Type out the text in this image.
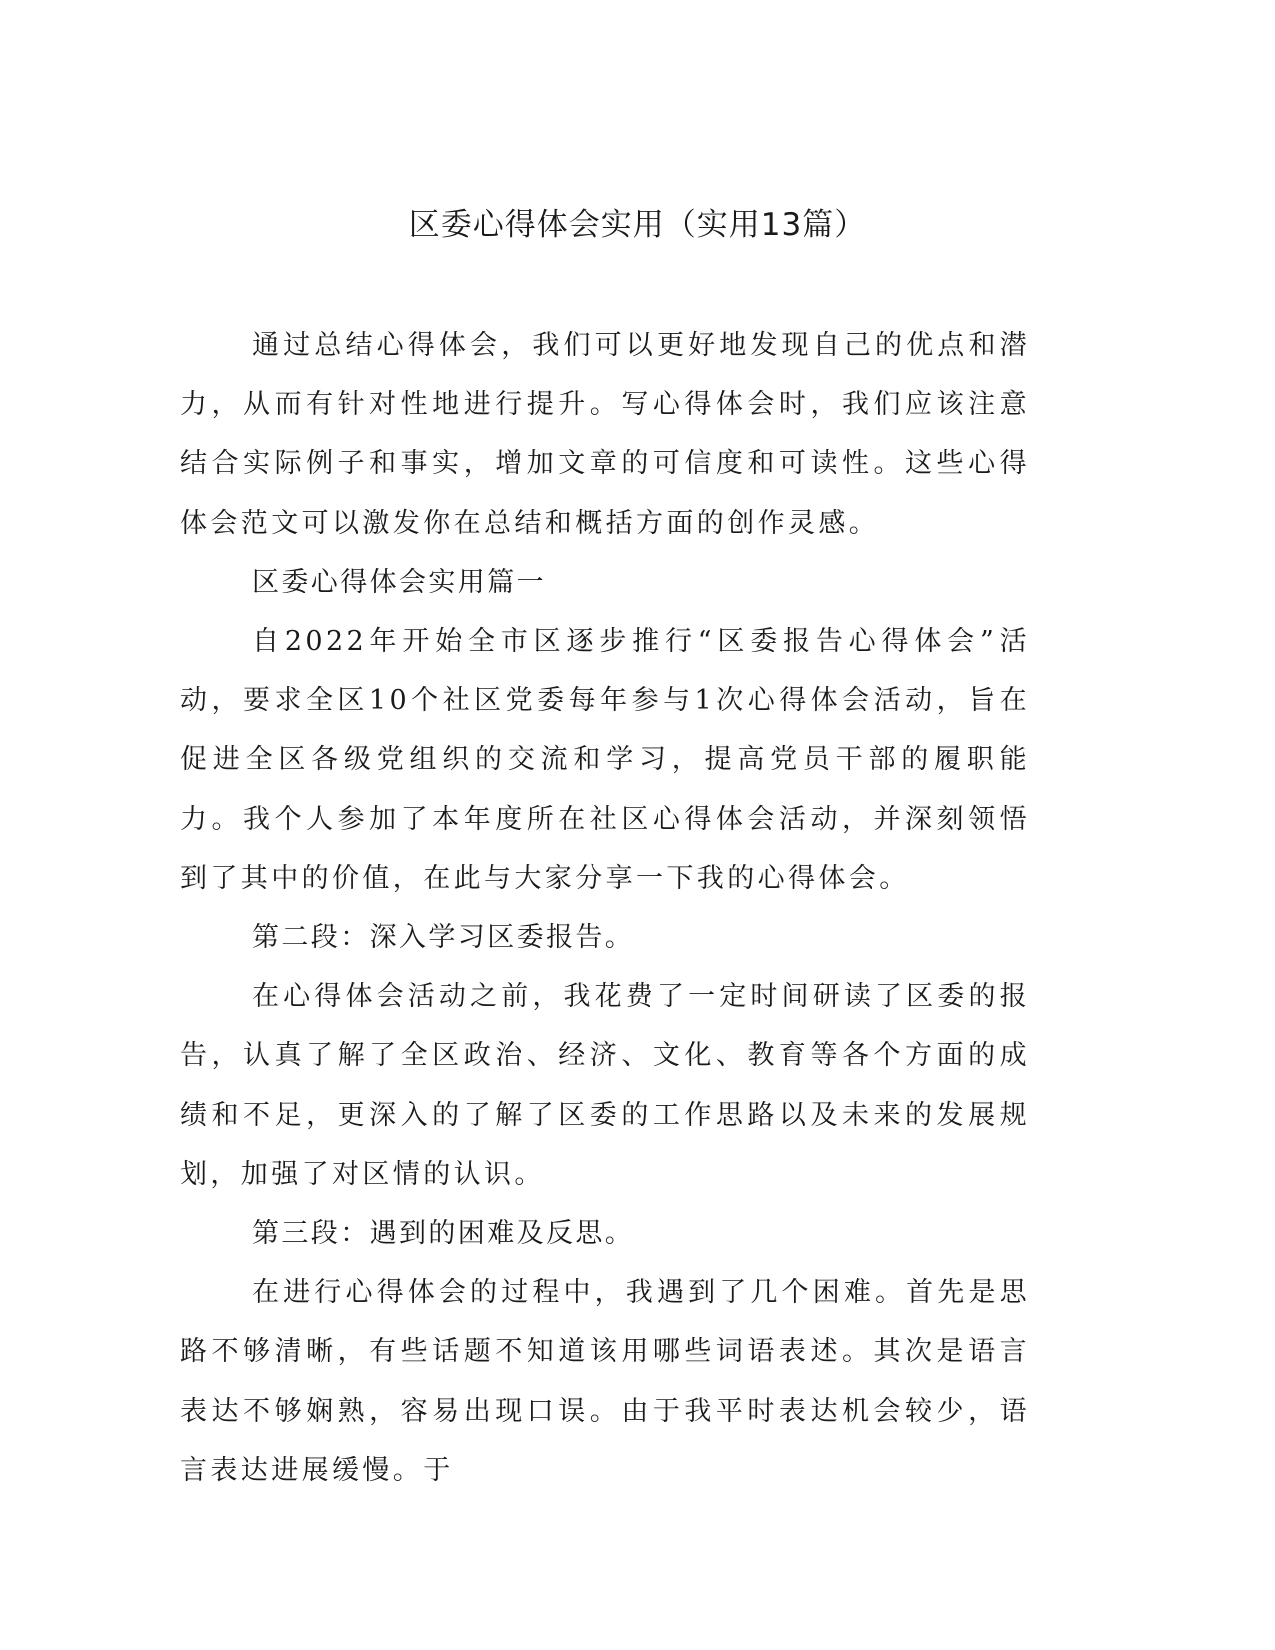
区委心得体会实用（实用13篇）

通过总结心得体会，我们可以更好地发现自己的优点和潜力，从而有针对性地进行提升。写心得体会时，我们应该注意结合实际例子和事实，增加文章的可信度和可读性。这些心得体会范文可以激发你在总结和概括方面的创作灵感。

区委心得体会实用篇一

自2022年开始全市区逐步推行“区委报告心得体会”活动，要求全区10个社区党委每年参与1次心得体会活动，旨在促进全区各级党组织的交流和学习，提高党员干部的履职能力。我个人参加了本年度所在社区心得体会活动，并深刻领悟到了其中的价值，在此与大家分享一下我的心得体会。

第二段：深入学习区委报告。

在心得体会活动之前，我花费了一定时间研读了区委的报告，认真了解了全区政治、经济、文化、教育等各个方面的成绩和不足，更深入的了解了区委的工作思路以及未来的发展规划，加强了对区情的认识。

第三段：遇到的困难及反思。

在进行心得体会的过程中，我遇到了几个困难。首先是思路不够清晰，有些话题不知道该用哪些词语表述。其次是语言表达不够娴熟，容易出现口误。由于我平时表达机会较少，语言表达进展缓慢。于
